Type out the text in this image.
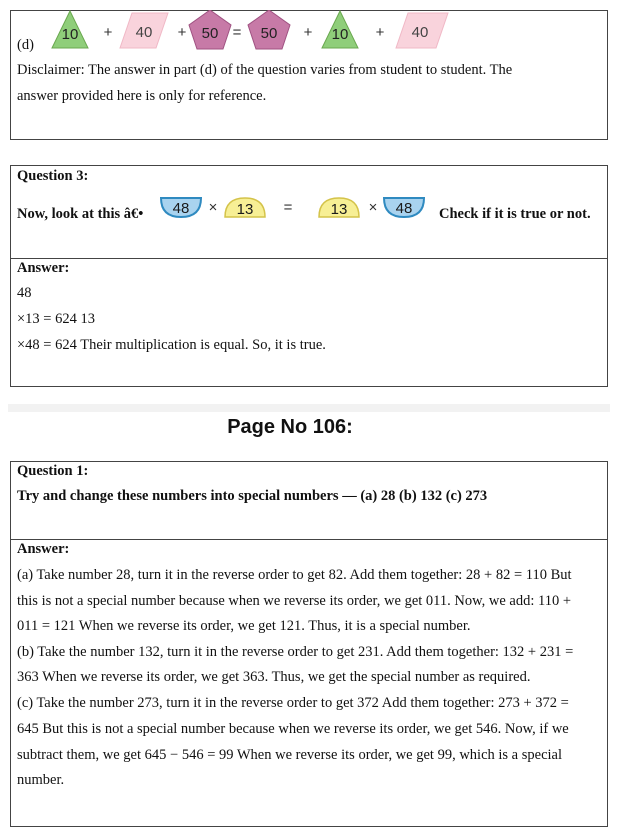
10 + 40 + 50 = 50 + 10 + 40
(d)
Disclaimer: The answer in part (d) of the question varies from student to student. The
answer provided here is only for reference.
Question 3:
Now, look at this â€• 48 × 13 =	13 × 48 Check if it is true or not.
Answer:
48
×13 = 624 13
×48 = 624 Their multiplication is equal. So, it is true.
Page No 106:
Question 1:
Try and change these numbers into special numbers — (a) 28 (b) 132 (c) 273
Answer:
(a) Take number 28, turn it in the reverse order to get 82. Add them together: 28 + 82 = 110 But
this is not a special number because when we reverse its order, we get 011. Now, we add: 110 +
011 = 121 When we reverse its order, we get 121. Thus, it is a special number.
(b) Take the number 132, turn it in the reverse order to get 231. Add them together: 132 + 231 =
363 When we reverse its order, we get 363. Thus, we get the special number as required.
(c) Take the number 273, turn it in the reverse order to get 372 Add them together: 273 + 372 =
645 But this is not a special number because when we reverse its order, we get 546. Now, if we
subtract them, we get 645 − 546 = 99 When we reverse its order, we get 99, which is a special
number.
